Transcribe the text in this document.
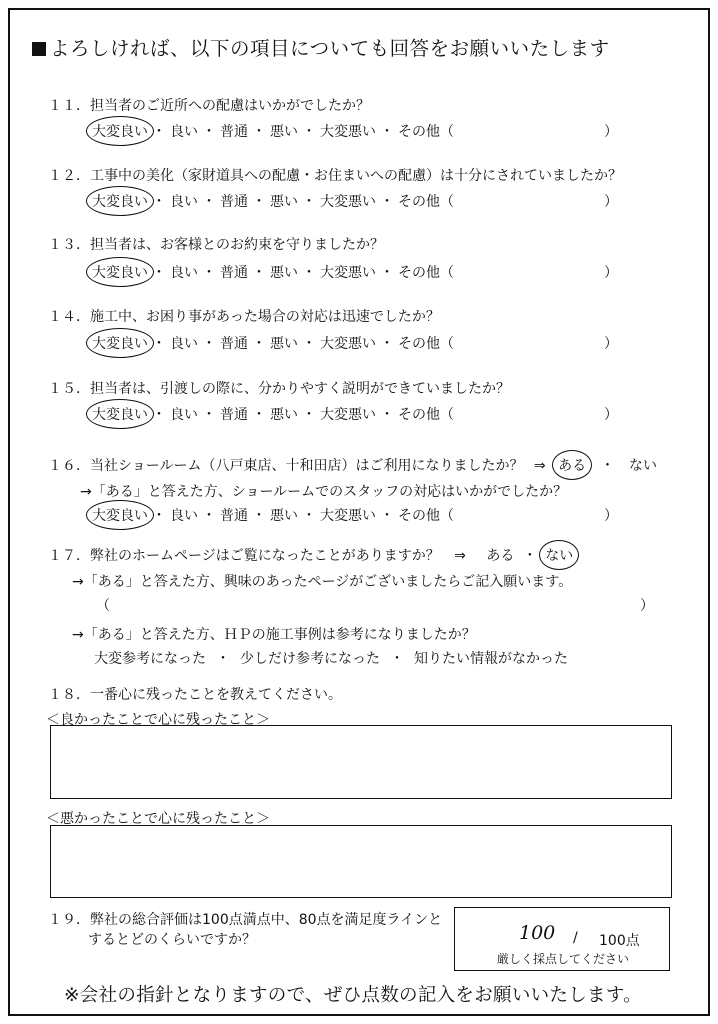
よろしければ、以下の項目についても回答をお願いいたします
１１．担当者のご近所への配慮はいかがでしたか？
大変良い ・ 良い ・ 普通 ・ 悪い ・ 大変悪い ・ その他（	）
１２．工事中の美化（家財道具への配慮・お住まいへの配慮）は十分にされていましたか？
大変良い ・ 良い ・ 普通 ・ 悪い ・ 大変悪い ・ その他（	）
１３．担当者は、お客様とのお約束を守りましたか？
大変良い ・ 良い ・ 普通 ・ 悪い ・ 大変悪い ・ その他（	）
１４．施工中、お困り事があった場合の対応は迅速でしたか？
大変良い ・ 良い ・ 普通 ・ 悪い ・ 大変悪い ・ その他（	）
１５．担当者は、引渡しの際に、分かりやすく説明ができていましたか？
大変良い ・ 良い ・ 普通 ・ 悪い ・ 大変悪い ・ その他（	）
１６．当社ショールーム（八戸東店、十和田店）はご利用になりましたか？ ⇒ ある ・ ない
→「ある」と答えた方、ショールームでのスタッフの対応はいかがでしたか？
大変良い ・ 良い ・ 普通 ・ 悪い ・ 大変悪い ・ その他（	）
１７．弊社のホームページはご覧になったことがありますか？ ⇒ ある ・ ない
→「ある」と答えた方、興味のあったページがございましたらご記入願います。
（	）
→「ある」と答えた方、ＨＰの施工事例は参考になりましたか？
大変参考になった ・ 少しだけ参考になった ・ 知りたい情報がなかった
１８．一番心に残ったことを教えてください。
＜良かったことで心に残ったこと＞
＜悪かったことで心に残ったこと＞
１９．弊社の総合評価は100点満点中、80点を満足度ラインと
するとどのくらいですか？	100 / 100点
厳しく採点してください
※会社の指針となりますので、ぜひ点数の記入をお願いいたします。
